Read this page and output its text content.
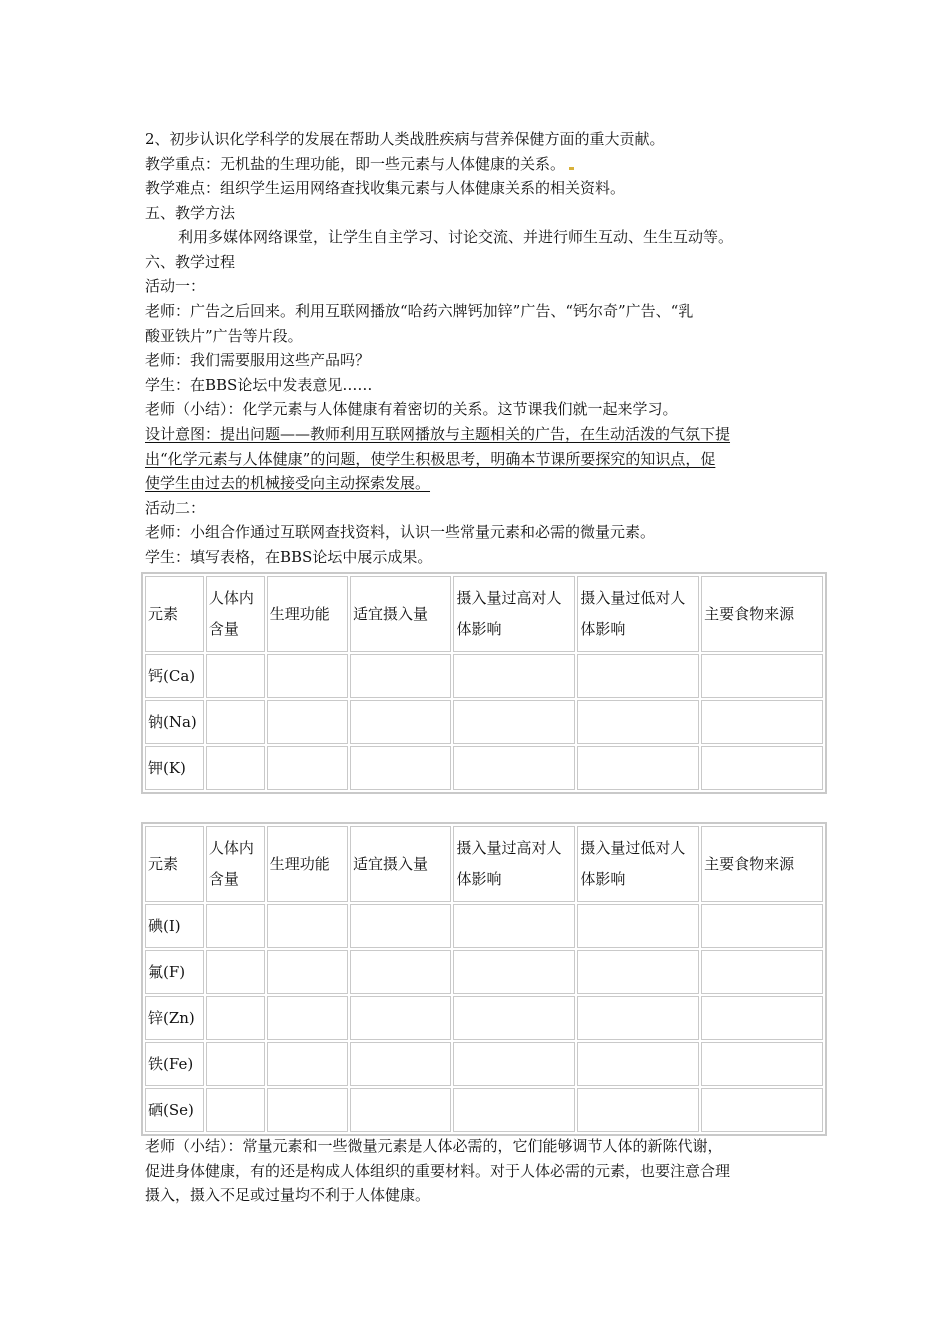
2、初步认识化学科学的发展在帮助人类战胜疾病与营养保健方面的重大贡献。
教学重点：无机盐的生理功能，即一些元素与人体健康的关系。
教学难点：组织学生运用网络查找收集元素与人体健康关系的相关资料。
五、教学方法
利用多媒体网络课堂，让学生自主学习、讨论交流、并进行师生互动、生生互动等。
六、教学过程
活动一：
老师：广告之后回来。利用互联网播放“哈药六牌钙加锌”广告、“钙尔奇”广告、“乳
酸亚铁片”广告等片段。
老师：我们需要服用这些产品吗？
学生：在BBS论坛中发表意见……
老师（小结）：化学元素与人体健康有着密切的关系。这节课我们就一起来学习。
设计意图：提出问题——教师利用互联网播放与主题相关的广告，在生动活泼的气氛下提
出“化学元素与人体健康”的问题，使学生积极思考，明确本节课所要探究的知识点，促
使学生由过去的机械接受向主动探索发展。
活动二：
老师：小组合作通过互联网查找资料，认识一些常量元素和必需的微量元素。
学生：填写表格，在BBS论坛中展示成果。
元素	人体内含量	生理功能	适宜摄入量	摄入量过高对人体影响	摄入量过低对人体影响	主要食物来源
钙(Ca)						
钠(Na)						
钾(K)						
元素	人体内含量	生理功能	适宜摄入量	摄入量过高对人体影响	摄入量过低对人体影响	主要食物来源
碘(I)						
氟(F)						
锌(Zn)						
铁(Fe)						
硒(Se)						
老师（小结）：常量元素和一些微量元素是人体必需的，它们能够调节人体的新陈代谢，
促进身体健康，有的还是构成人体组织的重要材料。对于人体必需的元素，也要注意合理
摄入，摄入不足或过量均不利于人体健康。
